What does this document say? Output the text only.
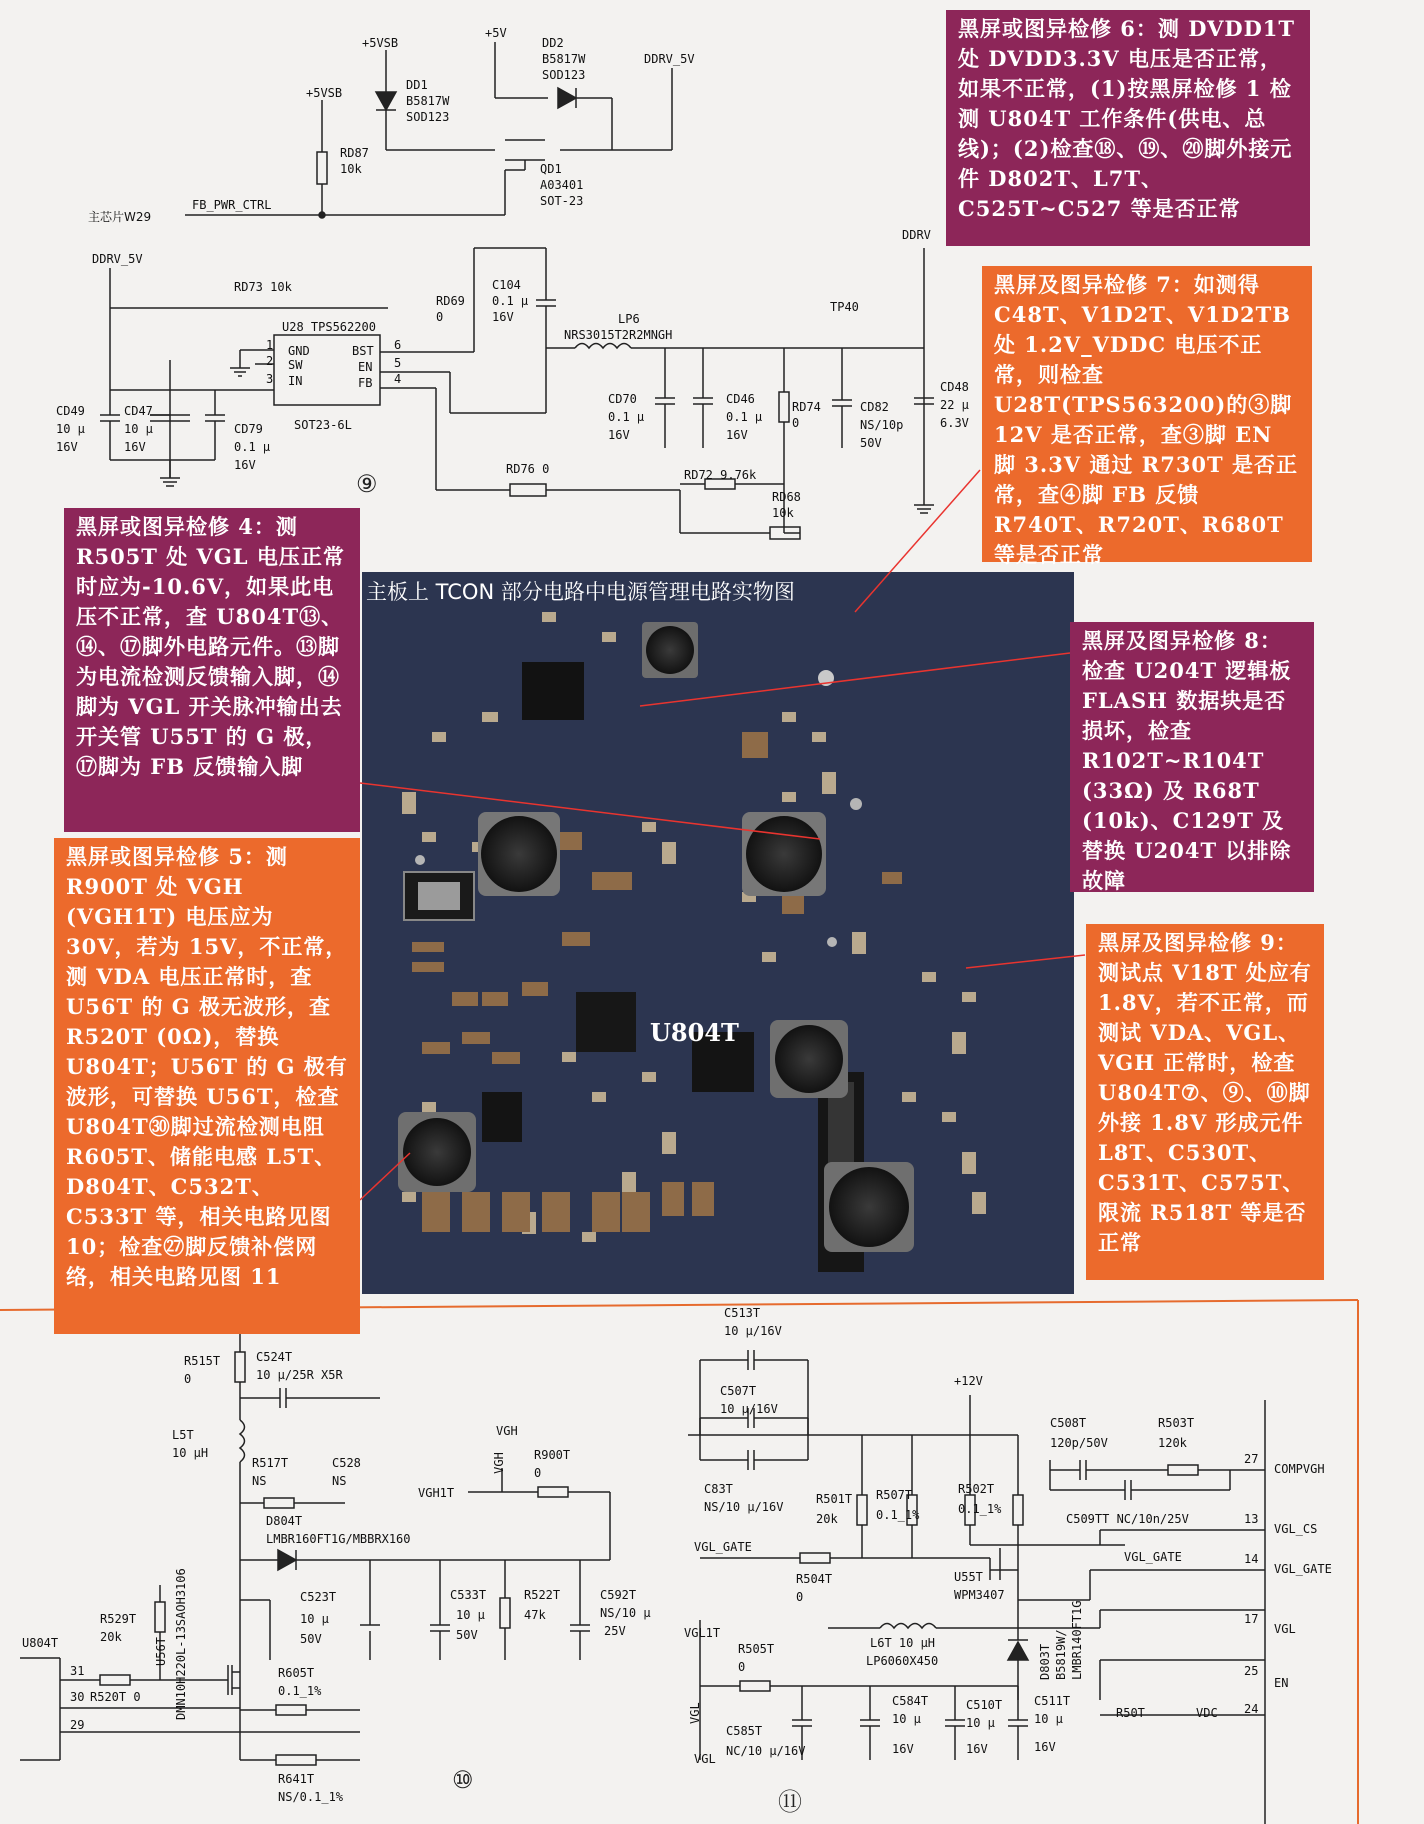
+5VSB
+5VSB
+5V
DDRV_5V
DD1
B5817W
SOD123
DD2
B5817W
SOD123
RD87
10k	QD1
A03401
SOT-23
主芯片W29
FB_PWR_CTRL
DDRV_5V
RD73 10k
U28 TPS562200
GND
SW
IN
BST
EN
FB
1
2
3	4
5
6
SOT23-6L
RD69
0
C104
0.1 μ
16V	LP6
NRS3015T2R2MNGH
TP40
DDRV
CD70
0.1 μ
16V
CD46
0.1 μ
16V
RD74
0
CD82
NS/10p
50V
CD48
22 μ
6.3V
CD49
10 μ
16V
CD47
10 μ
16V
CD79
0.1 μ
16V	RD76 0	RD72 9.76k
RD68
10k
⑨
主板上 TCON 部分电路中电源管理电路实物图
U804T
黑屏或图异检修 6：测 DVDD1T 处 DVDD3.3V 电压是否正常，如果不正常，(1)按黑屏检修 1 检测 U804T 工作条件(供电、总线)；(2)检查⑱、⑲、⑳脚外接元件 D802T、L7T、C525T~C527 等是否正常
黑屏及图异检修 7：如测得 C48T、V1D2T、V1D2TB 处 1.2V_VDDC 电压不正常，则检查 U28T(TPS563200)的③脚 12V 是否正常，查③脚 EN 脚 3.3V 通过 R730T 是否正常，查④脚 FB 反馈 R740T、R720T、R680T 等是否正常
黑屏或图异检修 4：测 R505T 处 VGL 电压正常时应为-10.6V，如果此电压不正常，查 U804T⑬、⑭、⑰脚外电路元件。⑬脚为电流检测反馈输入脚，⑭脚为 VGL 开关脉冲输出去开关管 U55T 的 G 极，⑰脚为 FB 反馈输入脚
黑屏或图异检修 5：测 R900T 处 VGH (VGH1T) 电压应为 30V，若为 15V，不正常，测 VDA 电压正常时，查 U56T 的 G 极无波形，查 R520T (0Ω)，替换 U804T；U56T 的 G 极有波形，可替换 U56T，检查 U804T㉚脚过流检测电阻 R605T、储能电感 L5T、D804T、C532T、C533T 等，相关电路见图 10；检查㉗脚反馈补偿网络，相关电路见图 11
黑屏及图异检修 8：检查 U204T 逻辑板 FLASH 数据块是否损坏，检查 R102T~R104T (33Ω) 及 R68T (10k)、C129T 及替换 U204T 以排除故障
黑屏及图异检修 9：测试点 V18T 处应有 1.8V，若不正常，而测试 VDA、VGL、VGH 正常时，检查 U804T⑦、⑨、⑩脚外接 1.8V 形成元件 L8T、C530T、C531T、C575T、限流 R518T 等是否正常
R515T
0
C524T
10 μ/25R X5R
L5T
10 μH
R517T
NS
C528
NS
VGH
VGH1T
VGH R900T
0
D804T
LMBR160FT1G/MBBRX160
C523T
10 μ
50V
C533T
10 μ
50V
R522T
47k
C592T
NS/10 μ
25V
R529T
20k
U56T DMN10H220L-13SAOH3106	R605T
0.1_1%
U804T
31
30
29
R520T 0
R641T
NS/0.1_1%
⑩
C513T
10 μ/16V
C507T
10 μ/16V
C83T
NS/10 μ/16V
+12V
R501T
20k
R507T
0.1_1%
R502T
0.1_1%
C508T
120p/50V
R503T
120k
C509TT NC/10n/25V
27
COMPVGH
13
VGL_CS
14
VGL_GATE
17
VGL
25
EN
24
VDC
R50T
VGL_GATE
VGL_GATE
R504T
0
U55T
WPM3407
L6T 10 μH
LP6060X450	D803T B5819W/ LMBR140FT1G
VGL1T
R505T
0
VGL
VGL
C585T
NC/10 μ/16V
C584T
10 μ
16V
C510T
10 μ
16V
C511T
10 μ
16V
⑪
